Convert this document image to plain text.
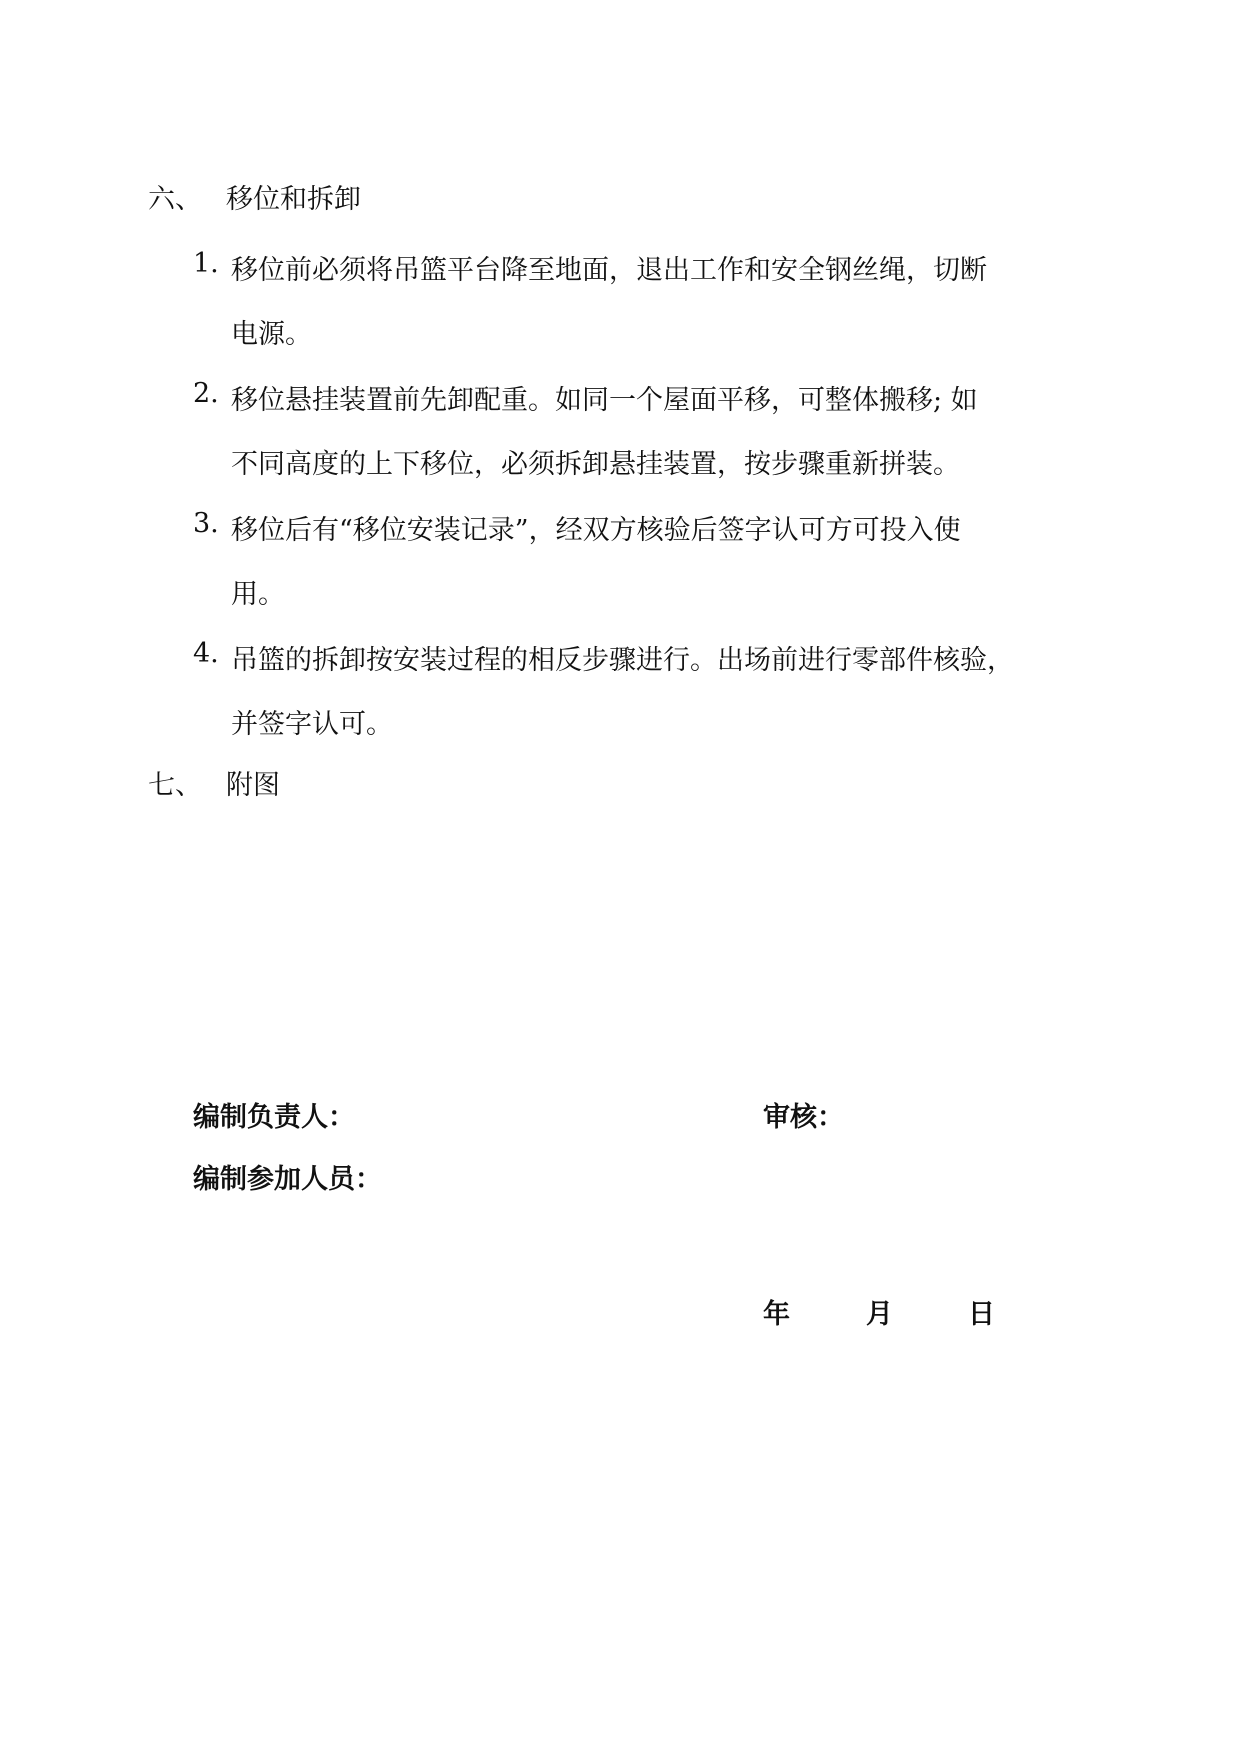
六、 移位和拆卸
1. 移位前必须将吊篮平台降至地面，退出工作和安全钢丝绳，切断
电源。
2. 移位悬挂装置前先卸配重。如同一个屋面平移，可整体搬移; 如
不同高度的上下移位，必须拆卸悬挂装置，按步骤重新拼装。
3. 移位后有“移位安装记录”，经双方核验后签字认可方可投入使
用。
4. 吊篮的拆卸按安装过程的相反步骤进行。出场前进行零部件核验，
并签字认可。
七、 附图
编制负责人：	审核：
编制参加人员：
年	月	日
